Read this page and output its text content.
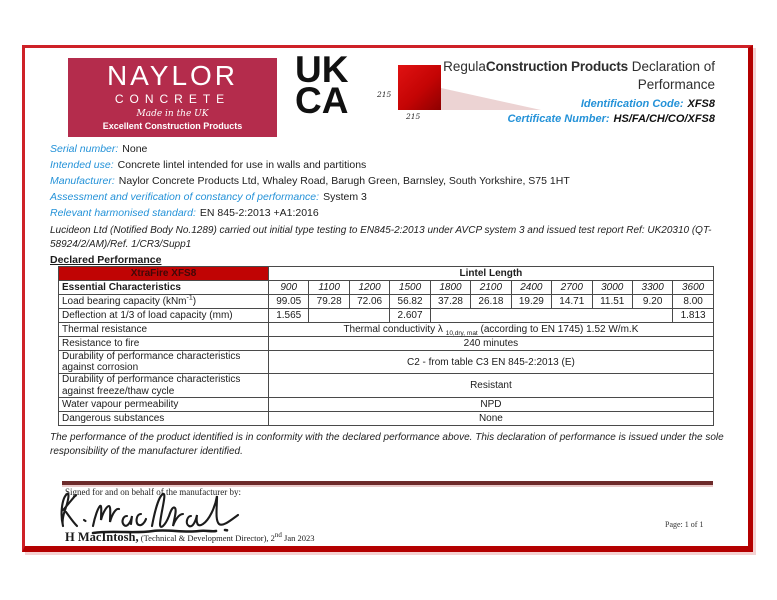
NAYLOR
CONCRETE
Made in the UK
Excellent Construction Products
UK
CA	215
215
RegulaConstruction Products Declaration of Performance
Identification Code: XFS8
Certificate Number: HS/FA/CH/CO/XFS8

Serial number: None

Intended use: Concrete lintel intended for use in walls and partitions

Manufacturer: Naylor Concrete Products Ltd, Whaley Road, Barugh Green, Barnsley, South Yorkshire, S75 1HT

Assessment and verification of constancy of performance: System 3

Relevant harmonised standard: EN 845-2:2013 +A1:2016

Lucideon Ltd (Notified Body No.1289) carried out initial type testing to EN845-2:2013 under AVCP system 3 and issued test report Ref: UK20310 (QT-58924/2/AM)/Ref. 1/CR3/Supp1
Declared Performance
XtraFire XFS8	Lintel Length										
Essential Characteristics	900	1100	1200	1500	1800	2100	2400	2700	3000	3300	3600
Load bearing capacity (kNm$^{-1}$)	99.05	79.28	72.06	56.82	37.28	26.18	19.29	14.71	11.51	9.20	8.00
Deflection at 1/3 of load capacity (mm)	1.565			2.607							1.813
Thermal resistance	Thermal conductivity λ $_{10,dry, mat}$ (according to EN 1745) 1.52 W/m.K										
Resistance to fire	240 minutes										
Durability of performance characteristics against corrosion	C2 - from table C3 EN 845-2:2013 (E)										
Durability of performance characteristics against freeze/thaw cycle	Resistant										
Water vapour permeability	NPD										
Dangerous substances	None										
The performance of the product identified is in conformity with the declared performance above. This declaration of performance is issued under the sole responsibility of the manufacturer identified.
Signed for and on behalf of the manufacturer by:
H MacIntosh, (Technical & Development Director), 2nd Jan 2023
Page: 1 of 1
